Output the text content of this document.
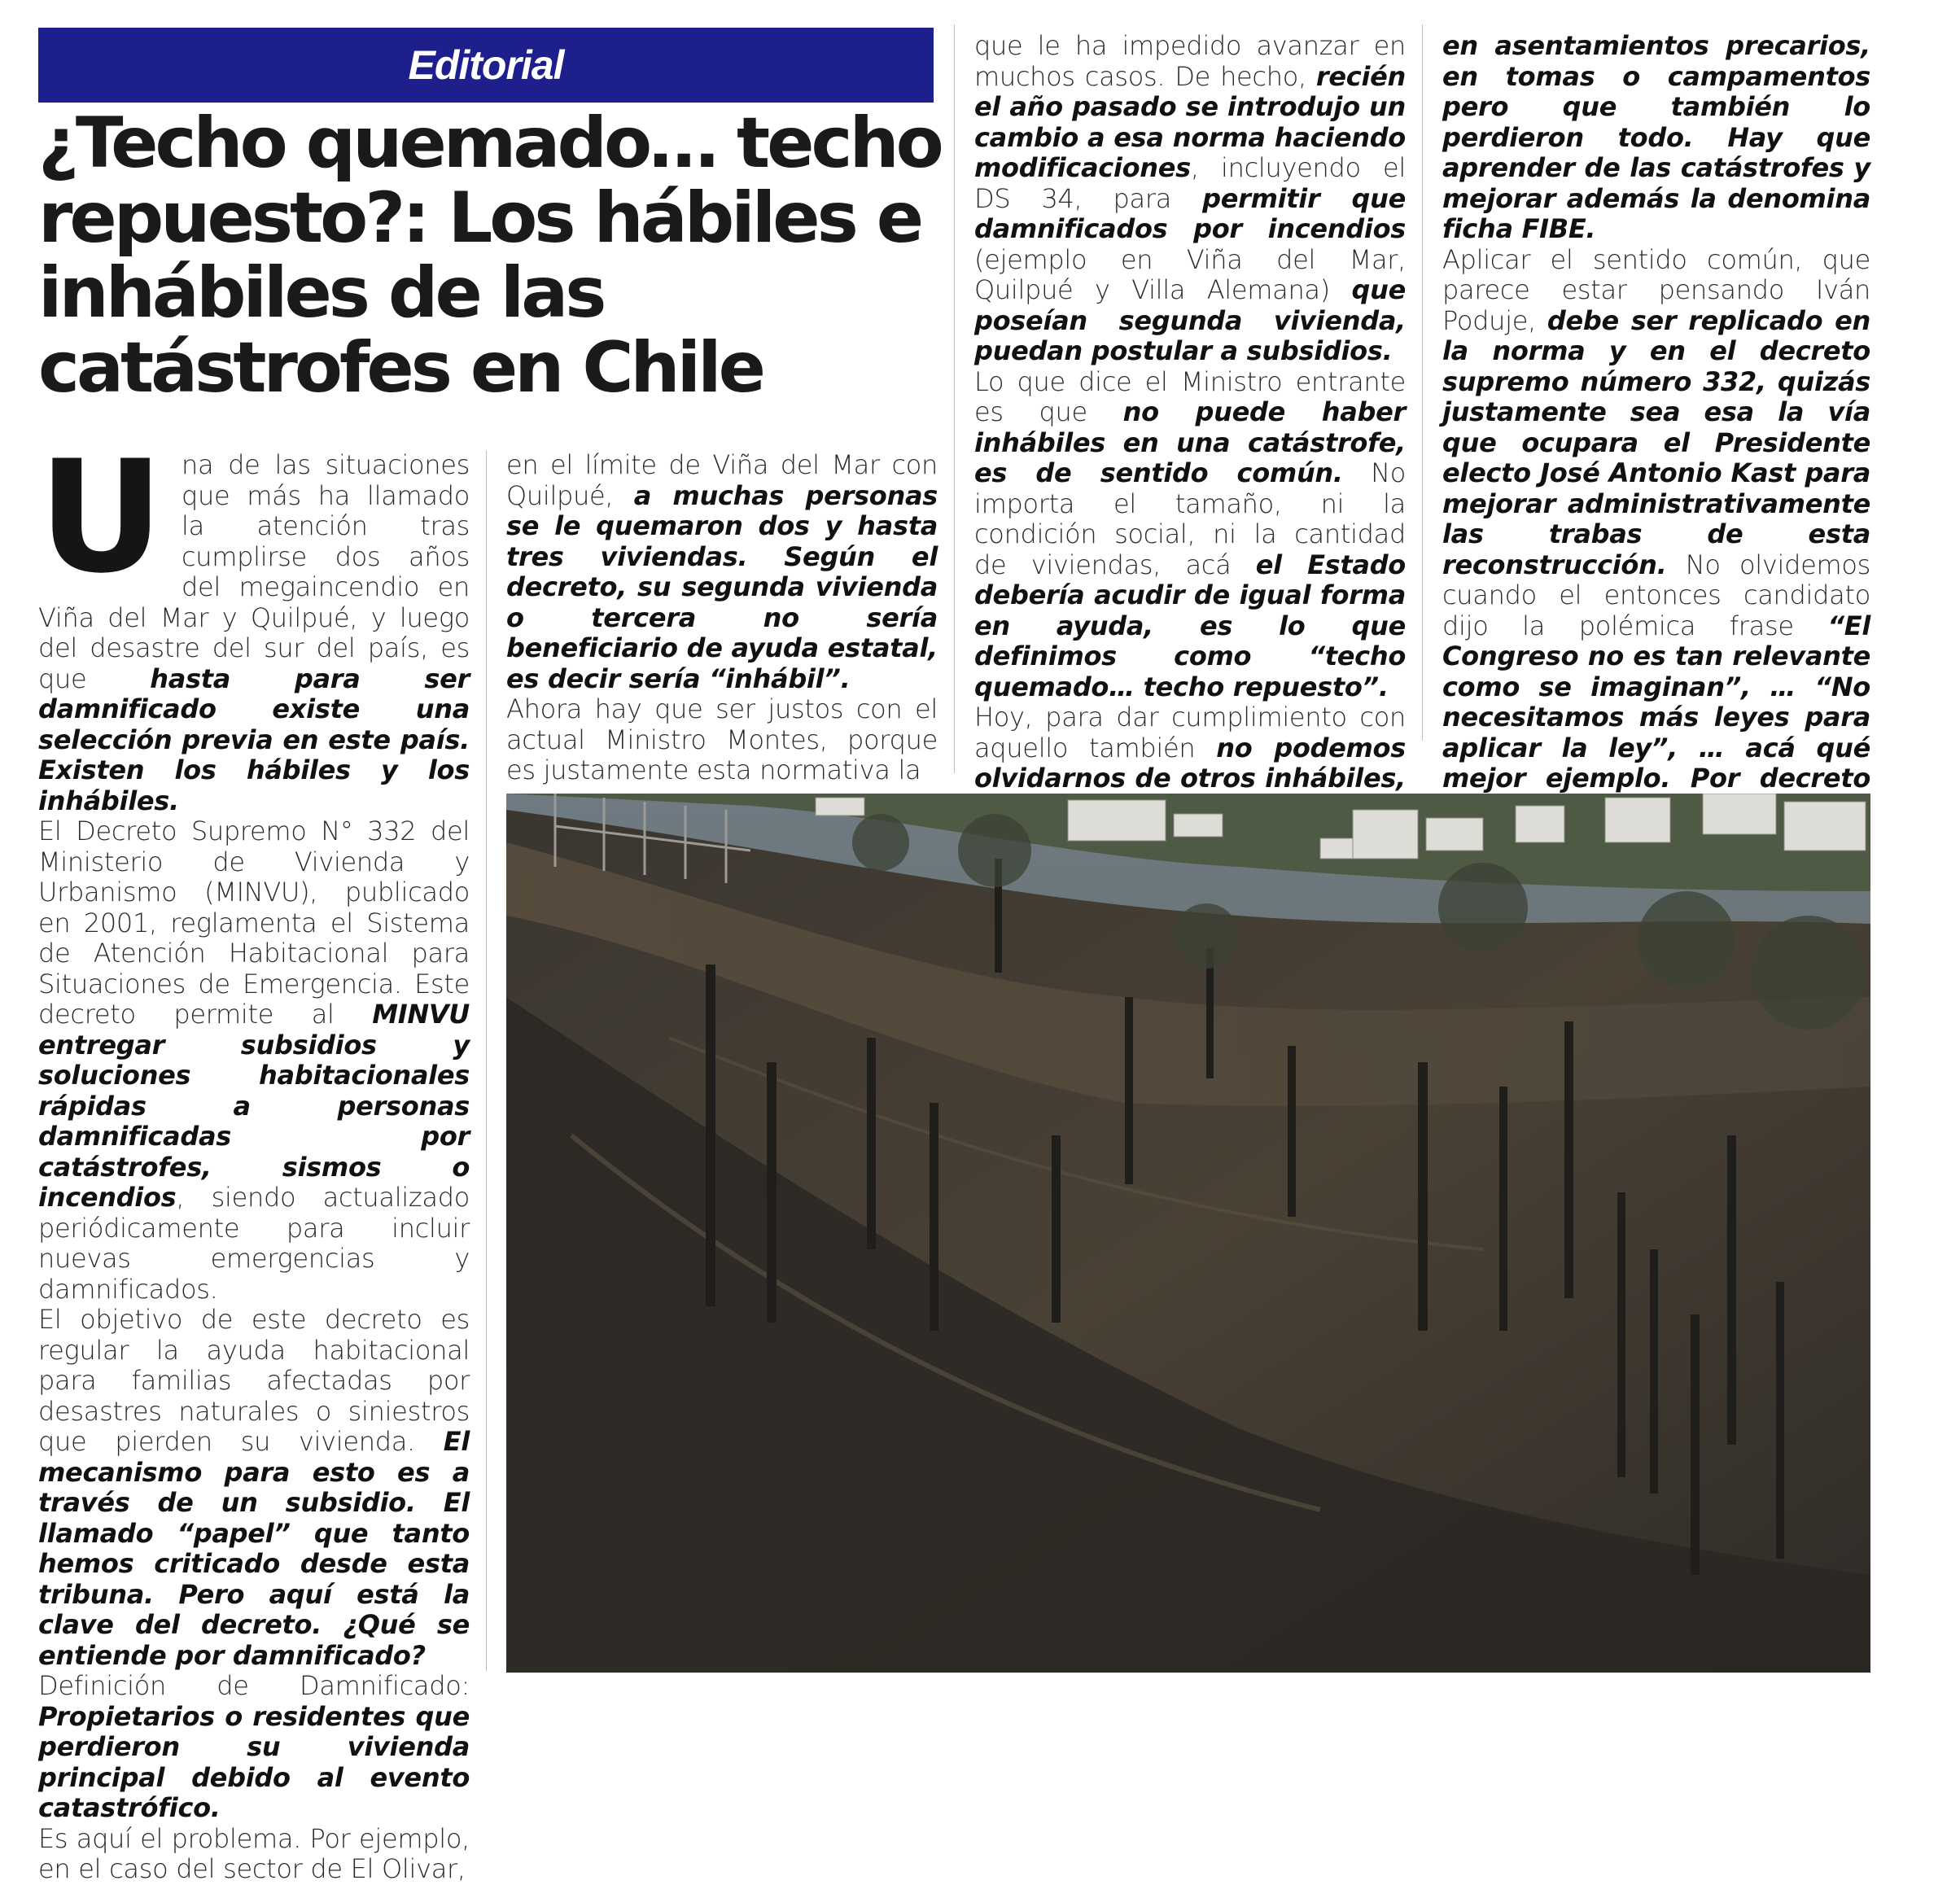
Editorial
¿Techo quemado… techo repuesto?: Los hábiles e inhábiles de las catástrofes en Chile

Una de las situaciones que más ha llamado la atención tras cumplirse dos años del megaincendio en Viña del Mar y Quilpué, y luego del desastre del sur del país, es que hasta para ser damnificado existe una selección previa en este país. Existen los hábiles y los inhábiles.

El Decreto Supremo N° 332 del Ministerio de Vivienda y Urbanismo (MINVU), publicado en 2001, reglamenta el Sistema de Atención Habitacional para Situaciones de Emergencia. Este decreto permite al MINVU entregar subsidios y soluciones habitacionales rápidas a personas damnificadas por catástrofes, sismos o incendios, siendo actualizado periódicamente para incluir nuevas emergencias y damnificados.

El objetivo de este decreto es regular la ayuda habitacional para familias afectadas por desastres naturales o siniestros que pierden su vivienda. El mecanismo para esto es a través de un subsidio. El llamado “papel” que tanto hemos criticado desde esta tribuna. Pero aquí está la clave del decreto. ¿Qué se entiende por damnificado?

Definición de Damnificado: Propietarios o residentes que perdieron su vivienda principal debido al evento catastrófico.

Es aquí el problema. Por ejemplo, en el caso del sector de El Olivar,

en el límite de Viña del Mar con Quilpué, a muchas personas se le quemaron dos y hasta tres viviendas. Según el decreto, su segunda vivienda o tercera no sería beneficiario de ayuda estatal, es decir sería “inhábil”.

Ahora hay que ser justos con el actual Ministro Montes, porque es justamente esta normativa la

que le ha impedido avanzar en muchos casos. De hecho, recién el año pasado se introdujo un cambio a esa norma haciendo modificaciones, incluyendo el DS 34, para permitir que damnificados por incendios (ejemplo en Viña del Mar, Quilpué y Villa Alemana) que poseían segunda vivienda, puedan postular a subsidios.

Lo que dice el Ministro entrante es que no puede haber inhábiles en una catástrofe, es de sentido común. No importa el tamaño, ni la condición social, ni la cantidad de viviendas, acá el Estado debería acudir de igual forma en ayuda, es lo que definimos como “techo quemado… techo repuesto”.

Hoy, para dar cumplimiento con aquello también no podemos olvidarnos de otros inhábiles,

en asentamientos precarios, en tomas o campamentos pero que también lo perdieron todo. Hay que aprender de las catástrofes y mejorar además la denomina ficha FIBE.

Aplicar el sentido común, que parece estar pensando Iván Poduje, debe ser replicado en la norma y en el decreto supremo número 332, quizás justamente sea esa la vía que ocupara el Presidente electo José Antonio Kast para mejorar administrativamente las trabas de esta reconstrucción. No olvidemos cuando el entonces candidato dijo la polémica frase “El Congreso no es tan relevante como se imaginan”, … “No necesitamos más leyes para aplicar la ley”, … acá qué mejor ejemplo. Por decreto
